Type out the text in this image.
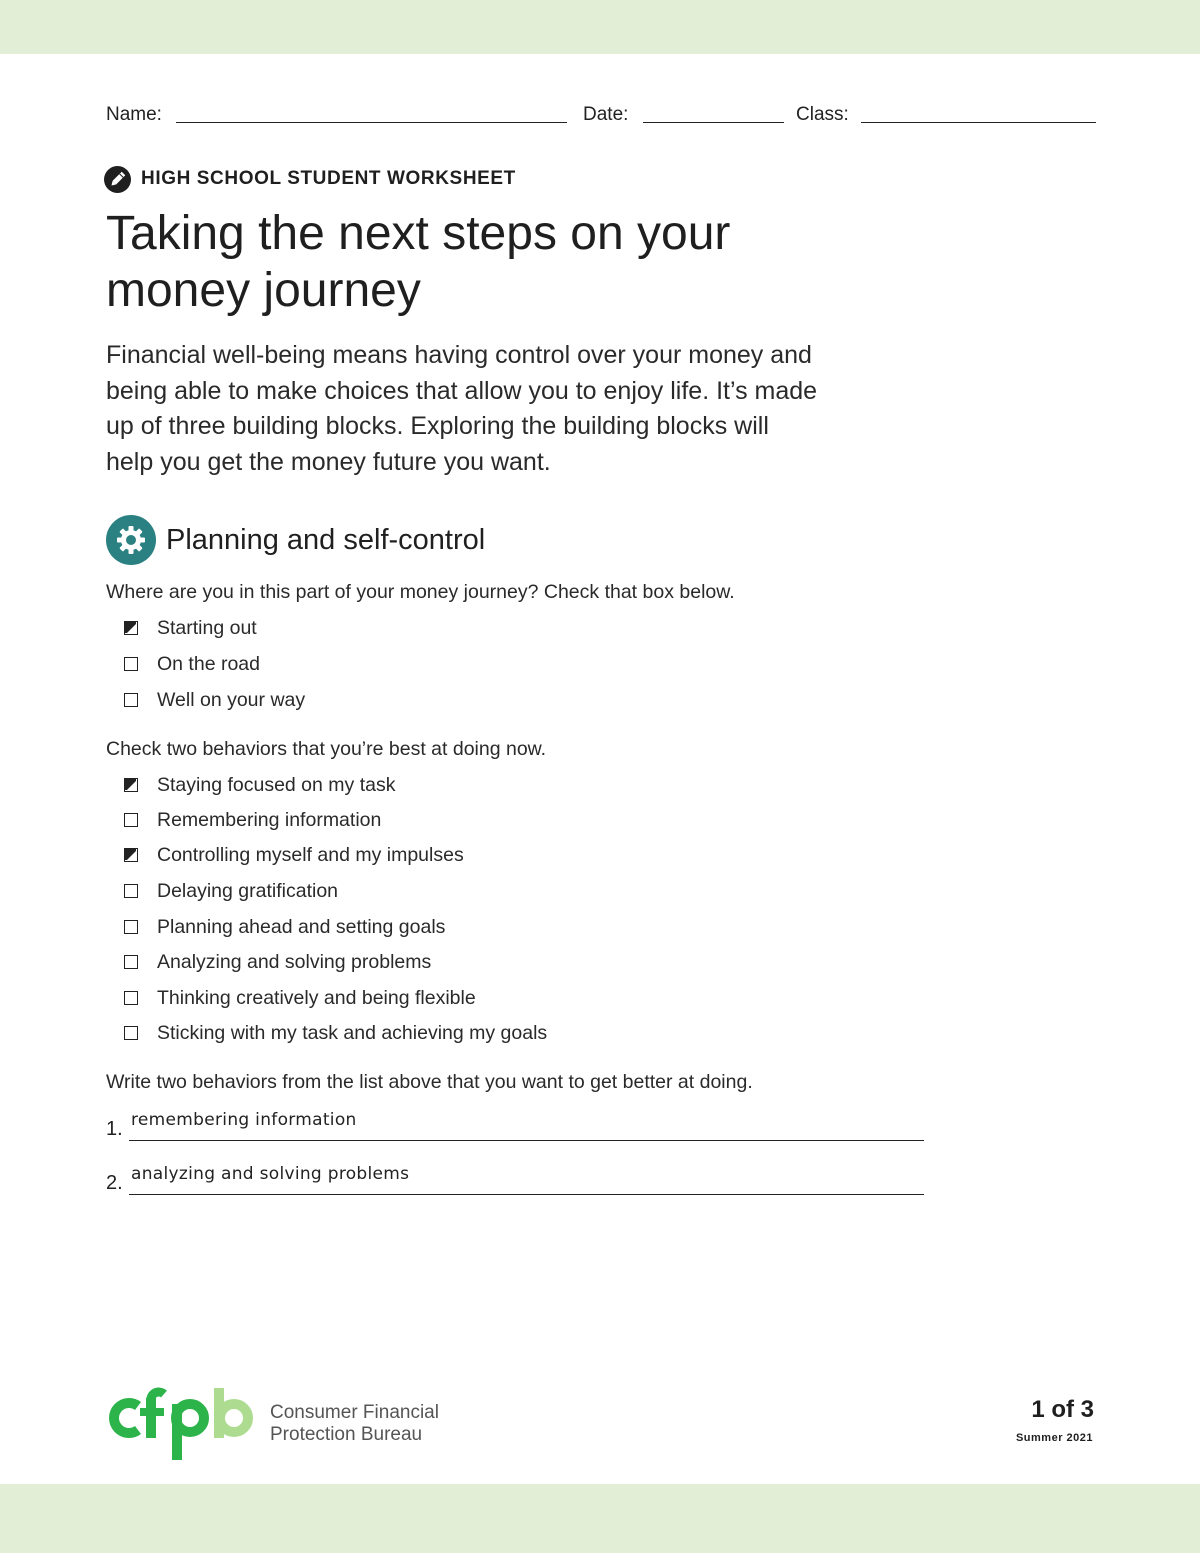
Name:	Date:	Class:
HIGH SCHOOL STUDENT WORKSHEET
Taking the next steps on your
money journey

Financial well-being means having control over your money and
being able to make choices that allow you to enjoy life. It’s made
up of three building blocks. Exploring the building blocks will
help you get the money future you want.

Planning and self-control
Where are you in this part of your money journey? Check that box below.
Starting out
On the road
Well on your way
Check two behaviors that you’re best at doing now.
Staying focused on my task
Remembering information
Controlling myself and my impulses
Delaying gratification
Planning ahead and setting goals
Analyzing and solving problems
Thinking creatively and being flexible
Sticking with my task and achieving my goals
Write two behaviors from the list above that you want to get better at doing.
1. remembering information
2. analyzing and solving problems
Consumer Financial
Protection Bureau
1 of 3
Summer 2021
